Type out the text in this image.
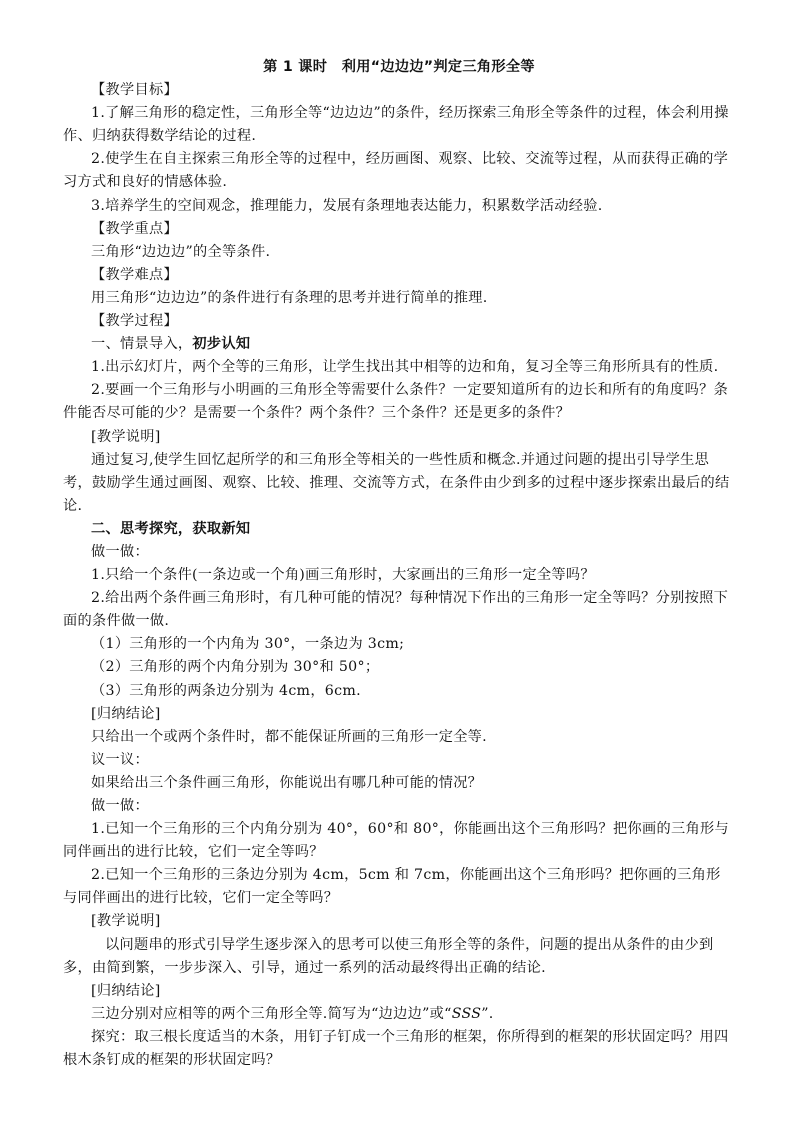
第 1 课时　利用“边边边”判定三角形全等

【教学目标】

1.了解三角形的稳定性，三角形全等“边边边”的条件，经历探索三角形全等条件的过程，体会利用操作、归纳获得数学结论的过程.

2.使学生在自主探索三角形全等的过程中，经历画图、观察、比较、交流等过程，从而获得正确的学习方式和良好的情感体验.

3.培养学生的空间观念，推理能力，发展有条理地表达能力，积累数学活动经验.

【教学重点】

三角形“边边边”的全等条件.

【教学难点】

用三角形“边边边”的条件进行有条理的思考并进行简单的推理.

【教学过程】

一、情景导入，初步认知

1.出示幻灯片，两个全等的三角形，让学生找出其中相等的边和角，复习全等三角形所具有的性质.

2.要画一个三角形与小明画的三角形全等需要什么条件？一定要知道所有的边长和所有的角度吗？条件能否尽可能的少？是需要一个条件？两个条件？三个条件？还是更多的条件？

[教学说明]

通过复习,使学生回忆起所学的和三角形全等相关的一些性质和概念.并通过问题的提出引导学生思考，鼓励学生通过画图、观察、比较、推理、交流等方式，在条件由少到多的过程中逐步探索出最后的结论.

二、思考探究，获取新知

做一做：

1.只给一个条件(一条边或一个角)画三角形时，大家画出的三角形一定全等吗？

2.给出两个条件画三角形时，有几种可能的情况？每种情况下作出的三角形一定全等吗？分别按照下面的条件做一做.

（1）三角形的一个内角为 30°，一条边为 3cm;

（2）三角形的两个内角分别为 30°和 50°；

（3）三角形的两条边分别为 4cm，6cm.

[归纳结论]

只给出一个或两个条件时，都不能保证所画的三角形一定全等.

议一议：

如果给出三个条件画三角形，你能说出有哪几种可能的情况？

做一做：

1.已知一个三角形的三个内角分别为 40°，60°和 80°，你能画出这个三角形吗？把你画的三角形与同伴画出的进行比较，它们一定全等吗？

2.已知一个三角形的三条边分别为 4cm，5cm 和 7cm，你能画出这个三角形吗？把你画的三角形与同伴画出的进行比较，它们一定全等吗？

[教学说明]

以问题串的形式引导学生逐步深入的思考可以使三角形全等的条件，问题的提出从条件的由少到多，由简到繁，一步步深入、引导，通过一系列的活动最终得出正确的结论.

[归纳结论]

三边分别对应相等的两个三角形全等.简写为“边边边”或“SSS”.

探究：取三根长度适当的木条，用钉子钉成一个三角形的框架，你所得到的框架的形状固定吗？用四根木条钉成的框架的形状固定吗？
